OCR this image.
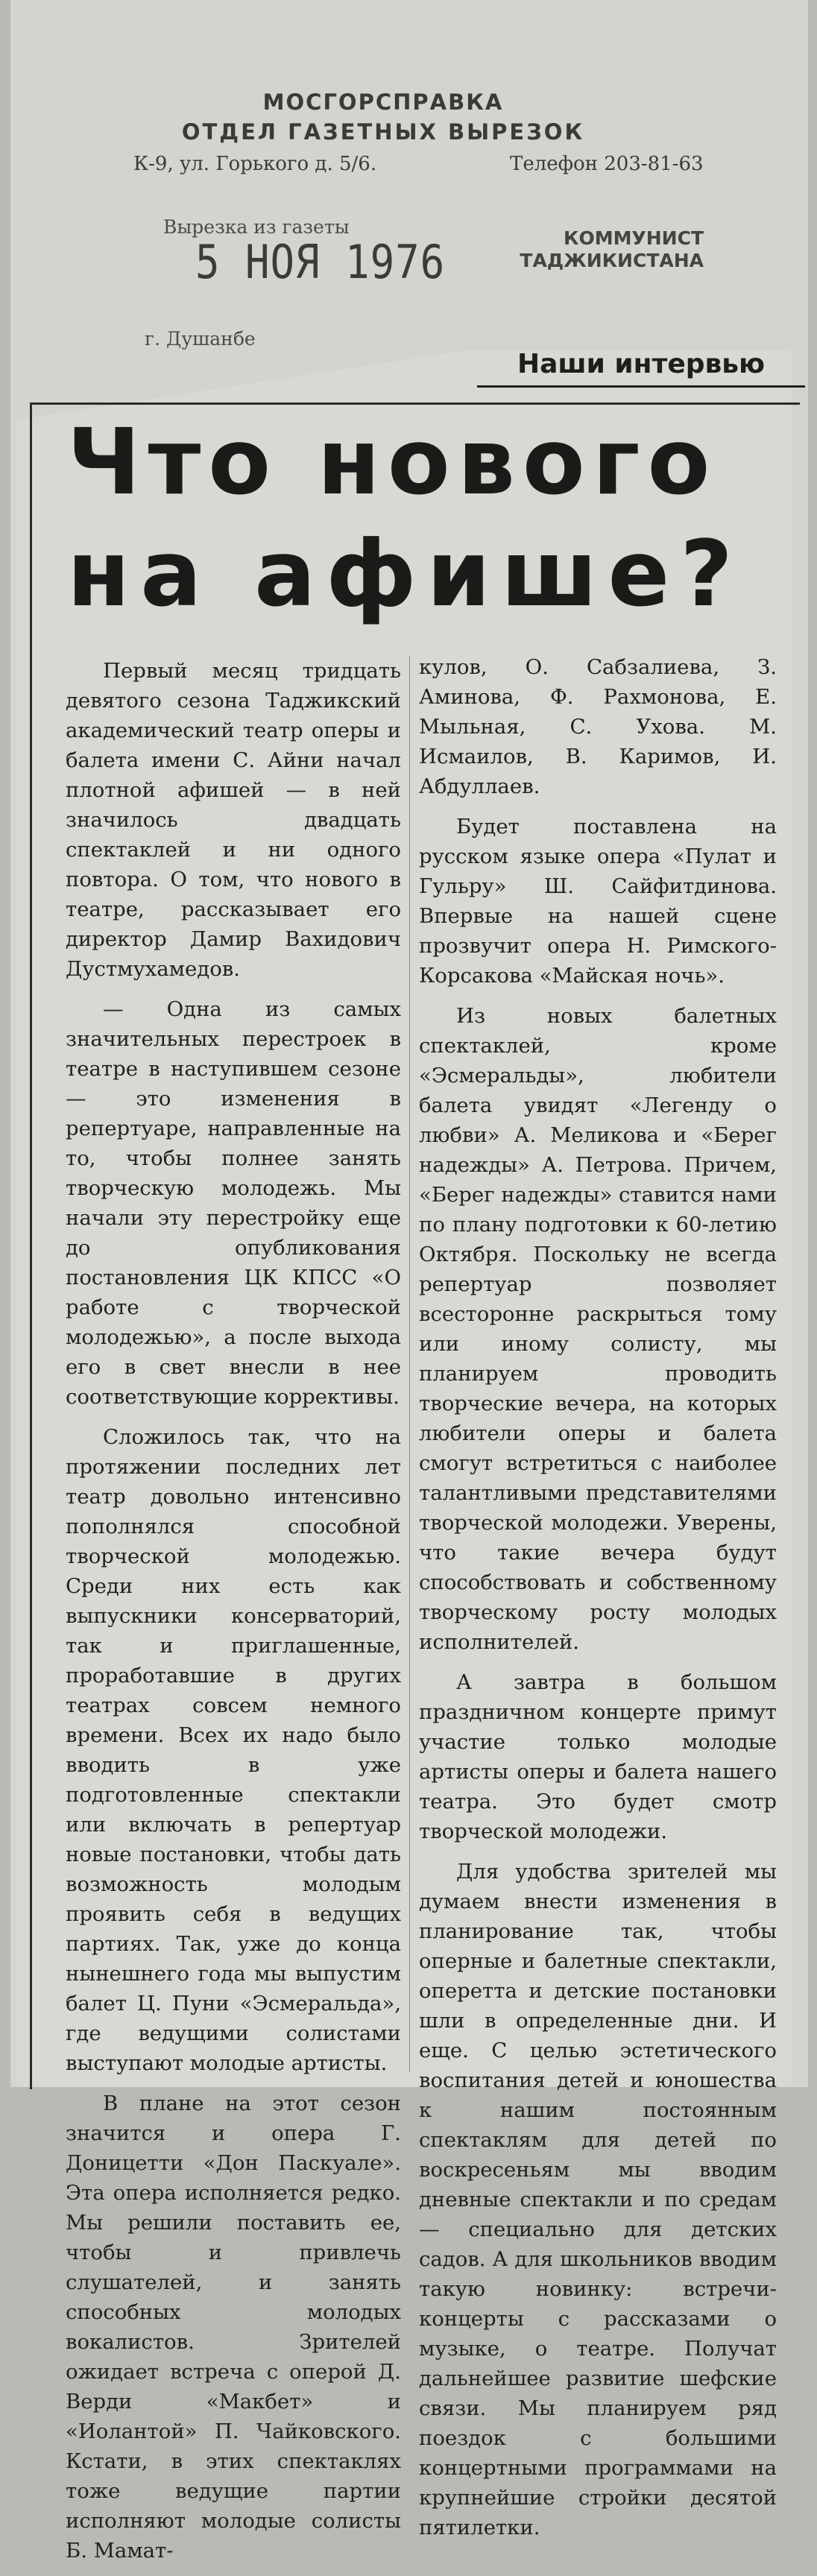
МОСГОРСПРАВКА
ОТДЕЛ ГАЗЕТНЫХ ВЫРЕЗОК
К-9, ул. Горького д. 5/6.	Телефон 203-81-63
Вырезка из газеты
5 НОЯ 1976	КОММУНИСТ ТАДЖИКИСТАНА
г. Душанбе
Наши интервью
Что нового
на афише?

Первый месяц тридцать девятого сезона Таджикский академический театр оперы и балета имени С. Айни начал плотной афишей — в ней значилось двадцать спектаклей и ни одного повтора. О том, что нового в театре, рассказывает его директор Дамир Вахидович Дустмухамедов.

— Одна из самых значительных перестроек в театре в наступившем сезоне — это изменения в репертуаре, направленные на то, чтобы полнее занять творческую молодежь. Мы начали эту перестройку еще до опубликования постановления ЦК КПСС «О работе с творческой молодежью», а после выхода его в свет внесли в нее соответствующие коррективы.

Сложилось так, что на протяжении последних лет театр довольно интенсивно пополнялся способной творческой молодежью. Среди них есть как выпускники консерваторий, так и приглашенные, проработавшие в других театрах совсем немного времени. Всех их надо было вводить в уже подготовленные спектакли или включать в репертуар новые постановки, чтобы дать возможность молодым проявить себя в ведущих партиях. Так, уже до конца нынешнего года мы выпустим балет Ц. Пуни «Эсмеральда», где ведущими солистами выступают молодые артисты.

В плане на этот сезон значится и опера Г. Доницетти «Дон Паскуале». Эта опера исполняется редко. Мы решили поставить ее, чтобы и привлечь слушателей, и занять способных молодых вокалистов. Зрителей ожидает встреча с оперой Д. Верди «Макбет» и «Иолантой» П. Чайковского. Кстати, в этих спектаклях тоже ведущие партии исполняют молодые солисты Б. Мамат-

кулов, О. Сабзалиева, З. Аминова, Ф. Рахмонова, Е. Мыльная, С. Ухова. М. Исмаилов, В. Каримов, И. Абдуллаев.

Будет поставлена на русском языке опера «Пулат и Гульру» Ш. Сайфитдинова. Впервые на нашей сцене прозвучит опера Н. Римского-Корсакова «Майская ночь».

Из новых балетных спектаклей, кроме «Эсмеральды», любители балета увидят «Легенду о любви» А. Меликова и «Берег надежды» А. Петрова. Причем, «Берег надежды» ставится нами по плану подготовки к 60-летию Октября. Поскольку не всегда репертуар позволяет всесторонне раскрыться тому или иному солисту, мы планируем проводить творческие вечера, на которых любители оперы и балета смогут встретиться с наиболее талантливыми представителями творческой молодежи. Уверены, что такие вечера будут способствовать и собственному творческому росту молодых исполнителей.

А завтра в большом праздничном концерте примут участие только молодые артисты оперы и балета нашего театра. Это будет смотр творческой молодежи.

Для удобства зрителей мы думаем внести изменения в планирование так, чтобы оперные и балетные спектакли, оперетта и детские постановки шли в определенные дни. И еще. С целью эстетического воспитания детей и юношества к нашим постоянным спектаклям для детей по воскресеньям мы вводим дневные спектакли и по средам — специально для детских садов. А для школьников вводим такую новинку: встречи-концерты с рассказами о музыке, о театре. Получат дальнейшее развитие шефские связи. Мы планируем ряд поездок с большими концертными программами на крупнейшие стройки десятой пятилетки.
